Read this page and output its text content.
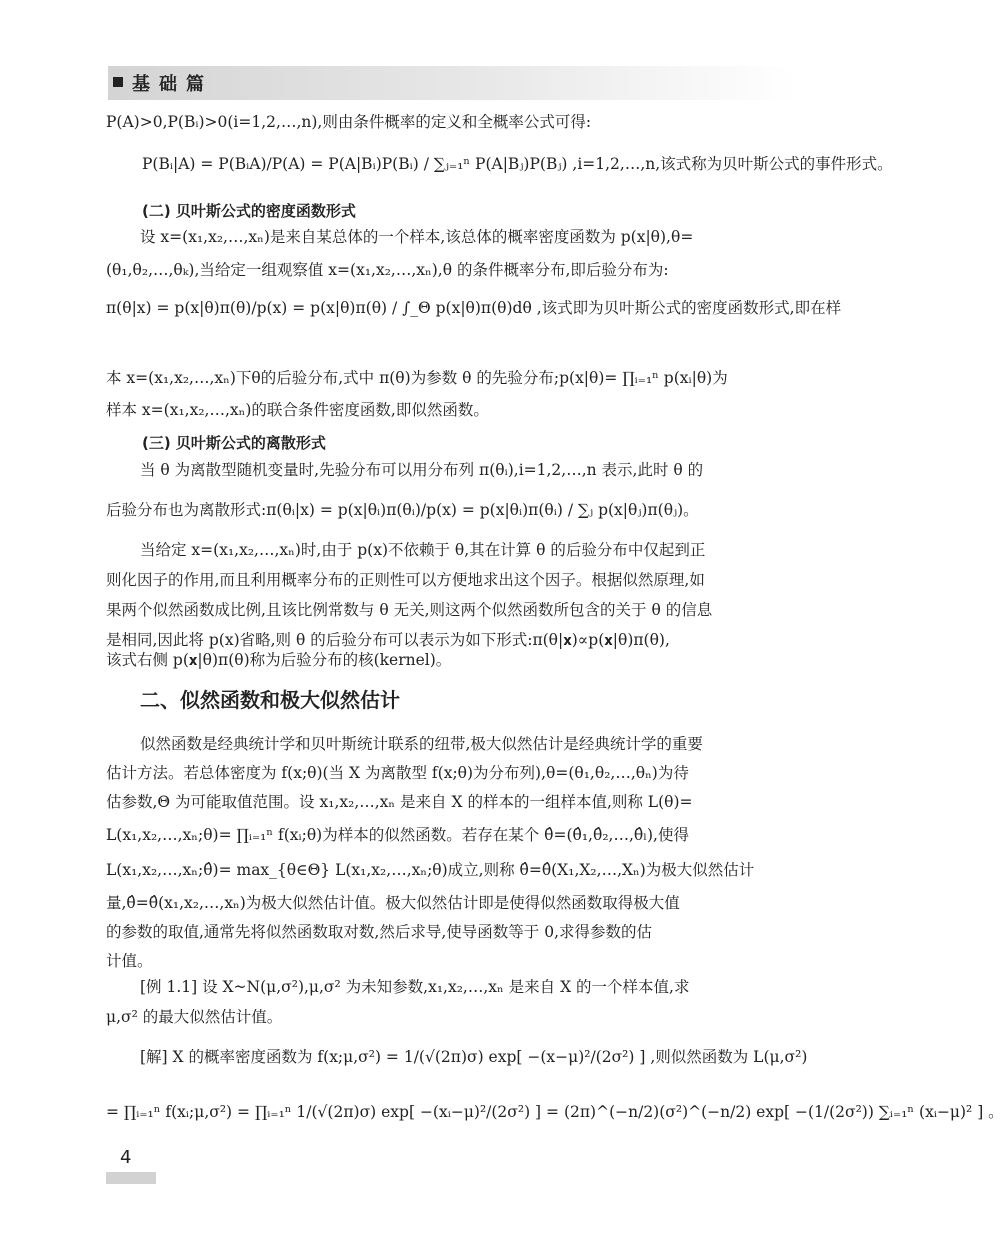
基础篇
P(A)>0,P(Bᵢ)>0(i=1,2,…,n),则由条件概率的定义和全概率公式可得:
P(Bᵢ|A) = P(BᵢA)/P(A) = P(A|Bᵢ)P(Bᵢ) / ∑ⱼ₌₁ⁿ P(A|Bⱼ)P(Bⱼ) ,i=1,2,…,n,该式称为贝叶斯公式的事件形式。
(二) 贝叶斯公式的密度函数形式
设 x=(x₁,x₂,…,xₙ)是来自某总体的一个样本,该总体的概率密度函数为 p(x|θ),θ=
(θ₁,θ₂,…,θₖ),当给定一组观察值 x=(x₁,x₂,…,xₙ),θ 的条件概率分布,即后验分布为:
π(θ|x) = p(x|θ)π(θ)/p(x) = p(x|θ)π(θ) / ∫_Θ p(x|θ)π(θ)dθ ,该式即为贝叶斯公式的密度函数形式,即在样
本 x=(x₁,x₂,…,xₙ)下θ的后验分布,式中 π(θ)为参数 θ 的先验分布;p(x|θ)= ∏ᵢ₌₁ⁿ p(xᵢ|θ)为
样本 x=(x₁,x₂,…,xₙ)的联合条件密度函数,即似然函数。
(三) 贝叶斯公式的离散形式
当 θ 为离散型随机变量时,先验分布可以用分布列 π(θᵢ),i=1,2,…,n 表示,此时 θ 的
后验分布也为离散形式:π(θᵢ|x) = p(x|θᵢ)π(θᵢ)/p(x) = p(x|θᵢ)π(θᵢ) / ∑ⱼ p(x|θⱼ)π(θⱼ)。
当给定 x=(x₁,x₂,…,xₙ)时,由于 p(x)不依赖于 θ,其在计算 θ 的后验分布中仅起到正
则化因子的作用,而且利用概率分布的正则性可以方便地求出这个因子。根据似然原理,如
果两个似然函数成比例,且该比例常数与 θ 无关,则这两个似然函数所包含的关于 θ 的信息
是相同,因此将 p(x)省略,则 θ 的后验分布可以表示为如下形式:π(θ|𝐱)∝p(𝐱|θ)π(θ),
该式右侧 p(𝐱|θ)π(θ)称为后验分布的核(kernel)。
二、似然函数和极大似然估计
似然函数是经典统计学和贝叶斯统计联系的纽带,极大似然估计是经典统计学的重要
估计方法。若总体密度为 f(x;θ)(当 X 为离散型 f(x;θ)为分布列),θ=(θ₁,θ₂,…,θₙ)为待
估参数,Θ 为可能取值范围。设 x₁,x₂,…,xₙ 是来自 X 的样本的一组样本值,则称 L(θ)=
L(x₁,x₂,…,xₙ;θ)= ∏ᵢ₌₁ⁿ f(xᵢ;θ)为样本的似然函数。若存在某个 θ̂=(θ̂₁,θ̂₂,…,θ̂ₗ),使得
L(x₁,x₂,…,xₙ;θ̂)= max_{θ∈Θ} L(x₁,x₂,…,xₙ;θ)成立,则称 θ̂=θ̂(X₁,X₂,…,Xₙ)为极大似然估计
量,θ̂=θ̂(x₁,x₂,…,xₙ)为极大似然估计值。极大似然估计即是使得似然函数取得极大值
的参数的取值,通常先将似然函数取对数,然后求导,使导函数等于 0,求得参数的估
计值。
[例 1.1] 设 X~N(μ,σ²),μ,σ² 为未知参数,x₁,x₂,…,xₙ 是来自 X 的一个样本值,求
μ,σ² 的最大似然估计值。
[解] X 的概率密度函数为 f(x;μ,σ²) = 1/(√(2π)σ) exp[ −(x−μ)²/(2σ²) ] ,则似然函数为 L(μ,σ²)
= ∏ᵢ₌₁ⁿ f(xᵢ;μ,σ²) = ∏ᵢ₌₁ⁿ 1/(√(2π)σ) exp[ −(xᵢ−μ)²/(2σ²) ] = (2π)^(−n/2)(σ²)^(−n/2) exp[ −(1/(2σ²)) ∑ᵢ₌₁ⁿ (xᵢ−μ)² ] 。
4
